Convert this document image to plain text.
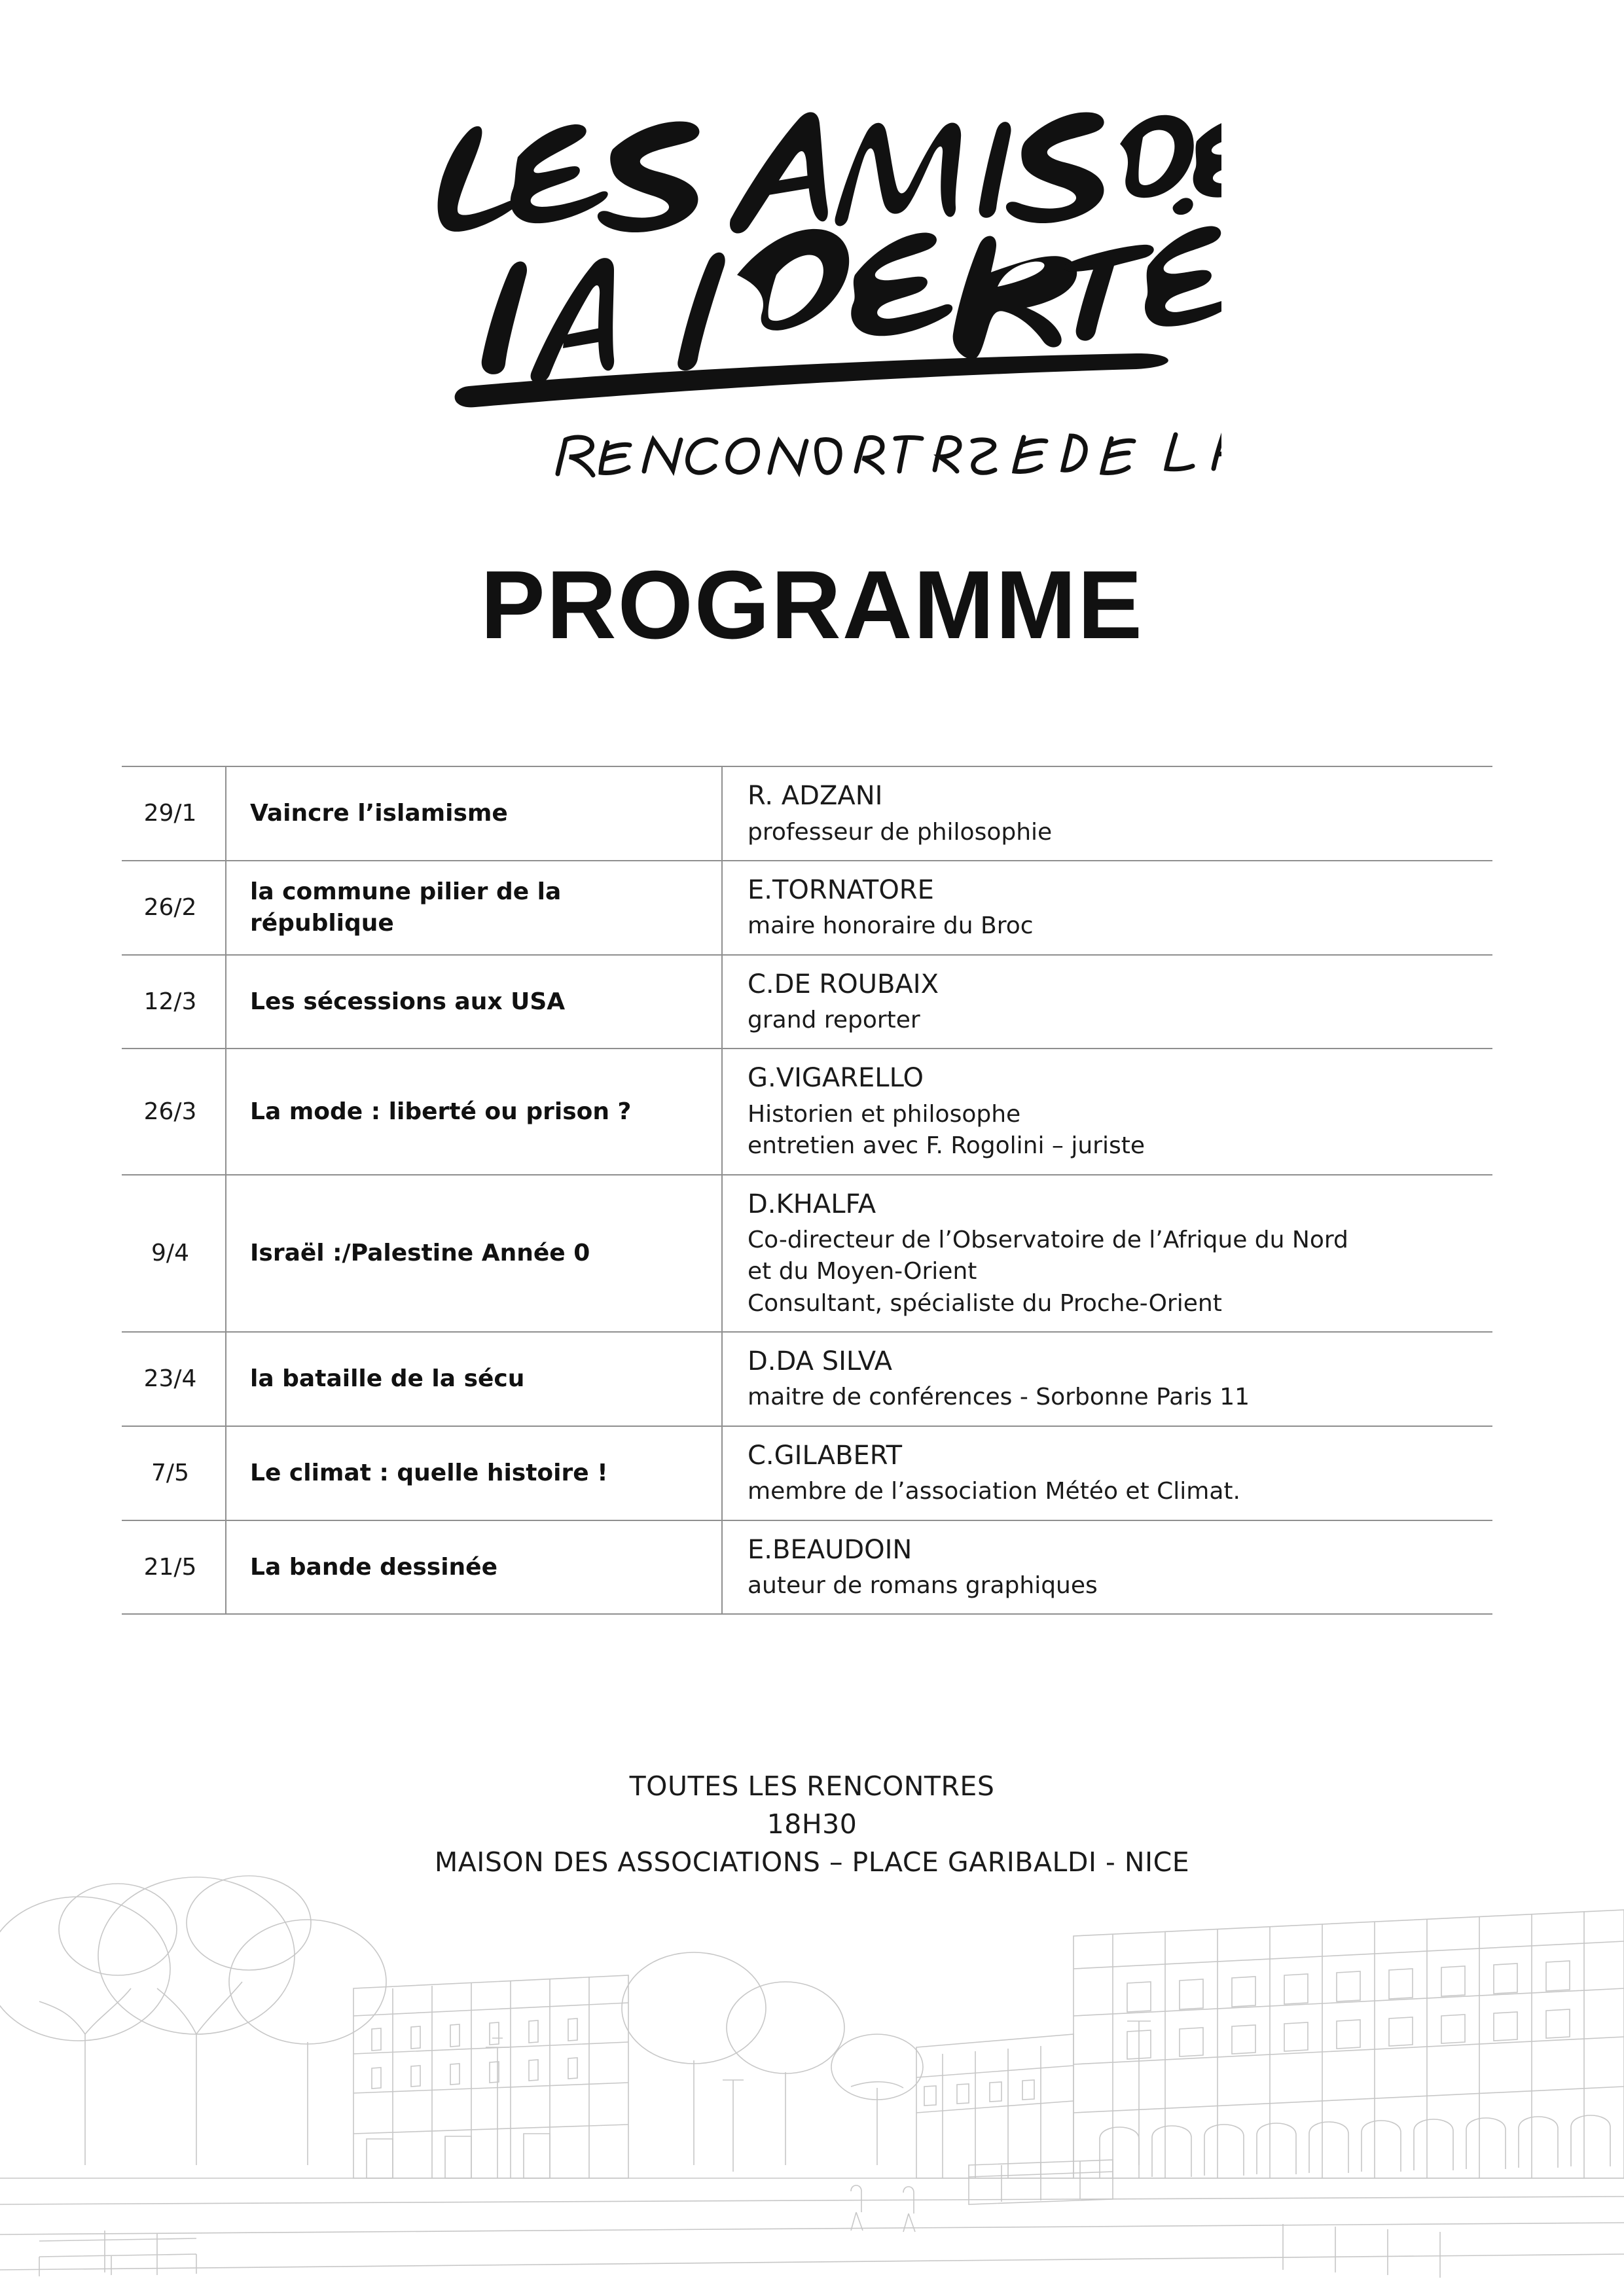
PROGRAMME
29/1	Vaincre l’islamisme	R. ADZANI
professeur de philosophie

26/2	la commune pilier de la république	E.TORNATORE
maire honoraire du Broc

12/3	Les sécessions aux USA	C.DE ROUBAIX
grand reporter

26/3	La mode : liberté ou prison ?	G.VIGARELLO
Historien et philosophe
entretien avec F. Rogolini – juriste

9/4	Israël :/Palestine Année 0	D.KHALFA
Co-directeur de l’Observatoire de l’Afrique du Nord
et du Moyen-Orient
Consultant, spécialiste du Proche-Orient

23/4	la bataille de la sécu	D.DA SILVA
maitre de conférences - Sorbonne Paris 11

7/5	Le climat : quelle histoire !	C.GILABERT
membre de l’association Météo et Climat.

21/5	La bande dessinée	E.BEAUDOIN
auteur de romans graphiques
TOUTES LES RENCONTRES
18H30
MAISON DES ASSOCIATIONS – PLACE GARIBALDI - NICE
